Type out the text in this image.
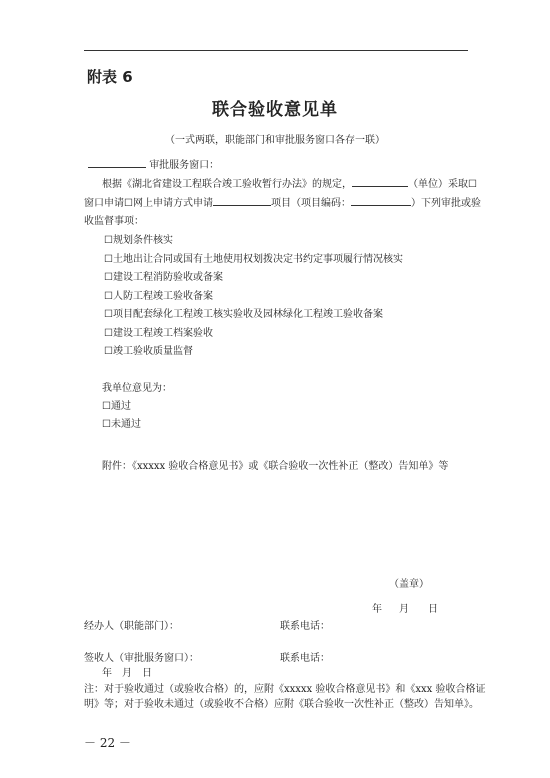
附表 6
联合验收意见单
（一式两联，职能部门和审批服务窗口各存一联）
审批服务窗口：
根据《湖北省建设工程联合竣工验收暂行办法》的规定，	（单位）采取☐
窗口申请☐网上申请方式申请	项目（项目编码：	）下列审批或验
收监督事项：
☐规划条件核实
☐土地出让合同或国有土地使用权划拨决定书约定事项履行情况核实
☐建设工程消防验收或备案
☐人防工程竣工验收备案
☐项目配套绿化工程竣工核实验收及园林绿化工程竣工验收备案
☐建设工程竣工档案验收
☐竣工验收质量监督
我单位意见为：
☐通过
☐未通过
附件：《xxxxx 验收合格意见书》或《联合验收一次性补正（整改）告知单》等
（盖章）
年 月 日
经办人（职能部门）：	联系电话：
签收人（审批服务窗口）：	联系电话：
年　月　日
注：对于验收通过（或验收合格）的，应附《xxxxx 验收合格意见书》和《xxx 验收合格证
明》等；对于验收未通过（或验收不合格）应附《联合验收一次性补正（整改）告知单》。
－ 22 －
